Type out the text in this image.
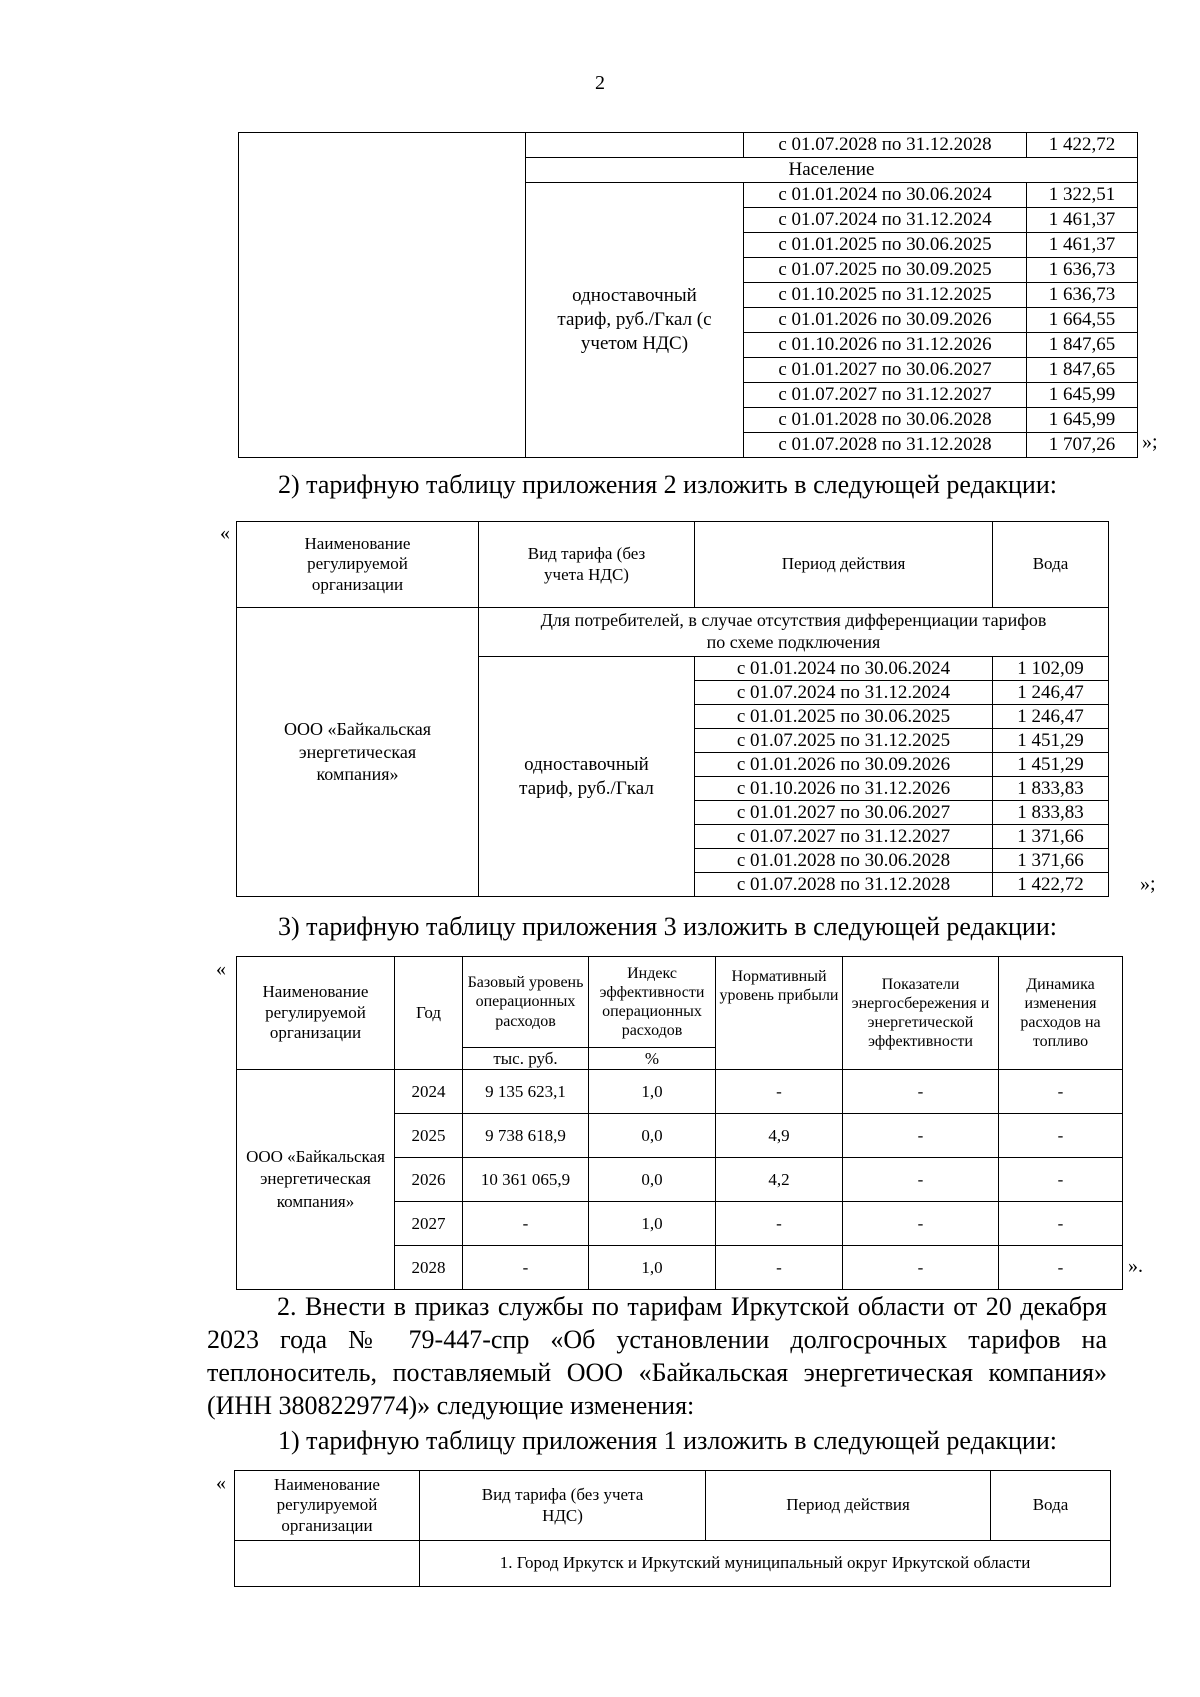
2
		с 01.07.2028 по 31.12.2028	1 422,72
	Население		
	одноставочный тариф, руб./Гкал (с учетом НДС)	с 01.01.2024 по 30.06.2024	1 322,51
		с 01.07.2024 по 31.12.2024	1 461,37
		с 01.01.2025 по 30.06.2025	1 461,37
		с 01.07.2025 по 30.09.2025	1 636,73
		с 01.10.2025 по 31.12.2025	1 636,73
		с 01.01.2026 по 30.09.2026	1 664,55
		с 01.10.2026 по 31.12.2026	1 847,65
		с 01.01.2027 по 30.06.2027	1 847,65
		с 01.07.2027 по 31.12.2027	1 645,99
		с 01.01.2028 по 30.06.2028	1 645,99
		с 01.07.2028 по 31.12.2028	1 707,26 »;
2) тарифную таблицу приложения 2 изложить в следующей редакции:
«	Наименование регулируемой организации	Вид тарифа (без учета НДС)	Период действия	Вода
ООО «Байкальская энергетическая компания»	Для потребителей, в случае отсутствия дифференциации тарифов по схеме подключения		
	одноставочный тариф, руб./Гкал	с 01.01.2024 по 30.06.2024	1 102,09
		с 01.07.2024 по 31.12.2024	1 246,47
		с 01.01.2025 по 30.06.2025	1 246,47
		с 01.07.2025 по 31.12.2025	1 451,29
		с 01.01.2026 по 30.09.2026	1 451,29
		с 01.10.2026 по 31.12.2026	1 833,83
		с 01.01.2027 по 30.06.2027	1 833,83
		с 01.07.2027 по 31.12.2027	1 371,66
		с 01.01.2028 по 30.06.2028	1 371,66
		с 01.07.2028 по 31.12.2028	1 422,72	»;
3) тарифную таблицу приложения 3 изложить в следующей редакции:
«
Наименование регулируемой организации	Год	Базовый уровень операционных расходов	Индекс эффективности операционных расходов	Нормативный уровень прибыли	Показатели энергосбережения и энергетической эффективности	Динамика изменения расходов на топливо
		тыс. руб.	%			
ООО «Байкальская энергетическая компания»	2024	9 135 623,1	1,0	-	-	-
	2025	9 738 618,9	0,0	4,9	-	-
	2026	10 361 065,9	0,0	4,2	-	-
	2027	-	1,0	-	-	-
	2028	-	1,0	-	-	-	».
2. Внести в приказ службы по тарифам Иркутской области от 20 декабря 2023 года № 79-447-спр «Об установлении долгосрочных тарифов на теплоноситель, поставляемый ООО «Байкальская энергетическая компания» (ИНН 3808229774)» следующие изменения:
1) тарифную таблицу приложения 1 изложить в следующей редакции:
«	Наименование регулируемой организации	Вид тарифа (без учета НДС)	Период действия	Вода
	1. Город Иркутск и Иркутский муниципальный округ Иркутской области		
